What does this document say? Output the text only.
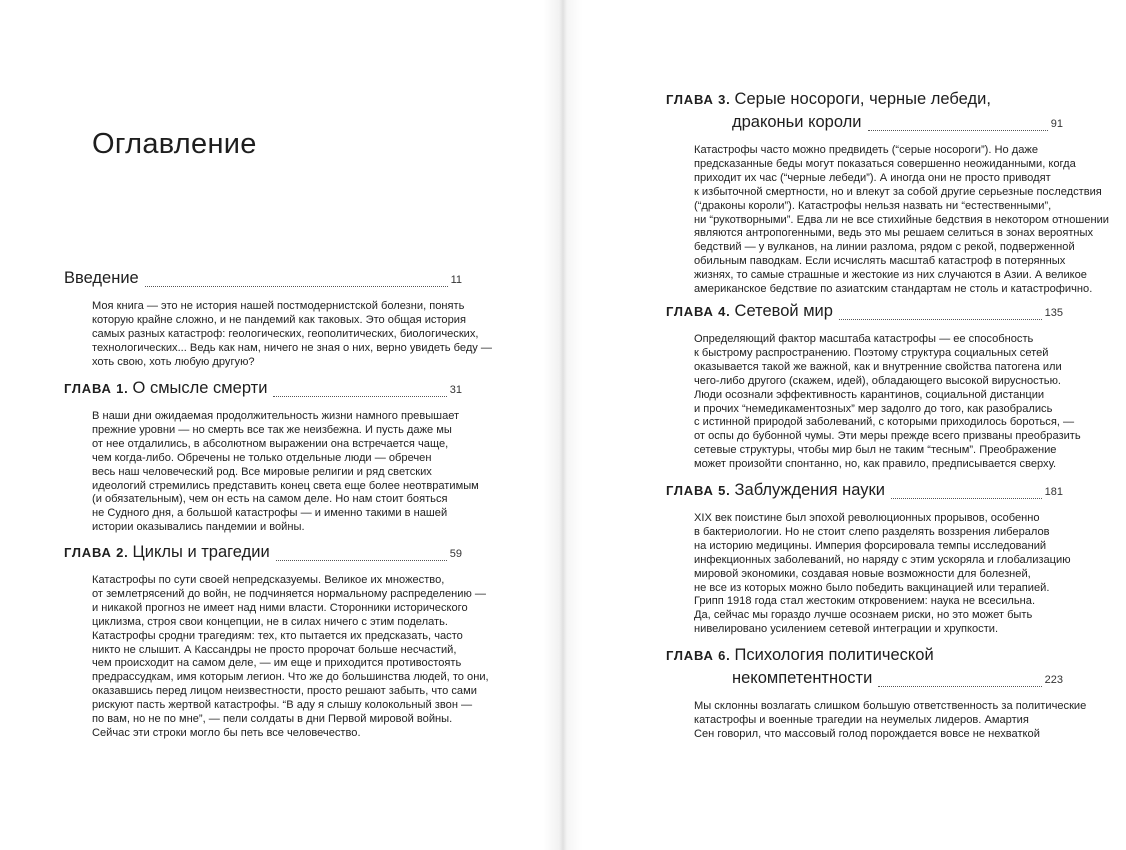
Оглавление
Введение	11
Моя книга — это не история нашей постмодернистской болезни, понять
которую крайне сложно, и не пандемий как таковых. Это общая история
самых разных катастроф: геологических, геополитических, биологических,
технологических... Ведь как нам, ничего не зная о них, верно увидеть беду —
хоть свою, хоть любую другую?
ГЛАВА 1. О смысле смерти	31
В наши дни ожидаемая продолжительность жизни намного превышает
прежние уровни — но смерть все так же неизбежна. И пусть даже мы
от нее отдалились, в абсолютном выражении она встречается чаще,
чем когда-либо. Обречены не только отдельные люди — обречен
весь наш человеческий род. Все мировые религии и ряд светских
идеологий стремились представить конец света еще более неотвратимым
(и обязательным), чем он есть на самом деле. Но нам стоит бояться
не Судного дня, а большой катастрофы — и именно такими в нашей
истории оказывались пандемии и войны.
ГЛАВА 2. Циклы и трагедии	59
Катастрофы по сути своей непредсказуемы. Великое их множество,
от землетрясений до войн, не подчиняется нормальному распределению —
и никакой прогноз не имеет над ними власти. Сторонники исторического
циклизма, строя свои концепции, не в силах ничего с этим поделать.
Катастрофы сродни трагедиям: тех, кто пытается их предсказать, часто
никто не слышит. А Кассандры не просто пророчат больше несчастий,
чем происходит на самом деле, — им еще и приходится противостоять
предрассудкам, имя которым легион. Что же до большинства людей, то они,
оказавшись перед лицом неизвестности, просто решают забыть, что сами
рискуют пасть жертвой катастрофы. “В аду я слышу колокольный звон —
по вам, но не по мне”, — пели солдаты в дни Первой мировой войны.
Сейчас эти строки могло бы петь все человечество.
ГЛАВА 3. Серые носороги, черные лебеди,
драконьи короли	91
Катастрофы часто можно предвидеть (“серые носороги”). Но даже
предсказанные беды могут показаться совершенно неожиданными, когда
приходит их час (“черные лебеди”). А иногда они не просто приводят
к избыточной смертности, но и влекут за собой другие серьезные последствия
(“драконы короли”). Катастрофы нельзя назвать ни “естественными”,
ни “рукотворными”. Едва ли не все стихийные бедствия в некотором отношении
являются антропогенными, ведь это мы решаем селиться в зонах вероятных
бедствий — у вулканов, на линии разлома, рядом с рекой, подверженной
обильным паводкам. Если исчислять масштаб катастроф в потерянных
жизнях, то самые страшные и жестокие из них случаются в Азии. А великое
американское бедствие по азиатским стандартам не столь и катастрофично.
ГЛАВА 4. Сетевой мир	135
Определяющий фактор масштаба катастрофы — ее способность
к быстрому распространению. Поэтому структура социальных сетей
оказывается такой же важной, как и внутренние свойства патогена или
чего-либо другого (скажем, идей), обладающего высокой вирусностью.
Люди осознали эффективность карантинов, социальной дистанции
и прочих “немедикаментозных” мер задолго до того, как разобрались
с истинной природой заболеваний, с которыми приходилось бороться, —
от оспы до бубонной чумы. Эти меры прежде всего призваны преобразить
сетевые структуры, чтобы мир был не таким “тесным”. Преображение
может произойти спонтанно, но, как правило, предписывается сверху.
ГЛАВА 5. Заблуждения науки	181
XIX век поистине был эпохой революционных прорывов, особенно
в бактериологии. Но не стоит слепо разделять воззрения либералов
на историю медицины. Империя форсировала темпы исследований
инфекционных заболеваний, но наряду с этим ускоряла и глобализацию
мировой экономики, создавая новые возможности для болезней,
не все из которых можно было победить вакцинацией или терапией.
Грипп 1918 года стал жестоким откровением: наука не всесильна.
Да, сейчас мы гораздо лучше осознаем риски, но это может быть
нивелировано усилением сетевой интеграции и хрупкости.
ГЛАВА 6. Психология политической
некомпетентности	223
Мы склонны возлагать слишком большую ответственность за политические
катастрофы и военные трагедии на неумелых лидеров. Амартия
Сен говорил, что массовый голод порождается вовсе не нехваткой
